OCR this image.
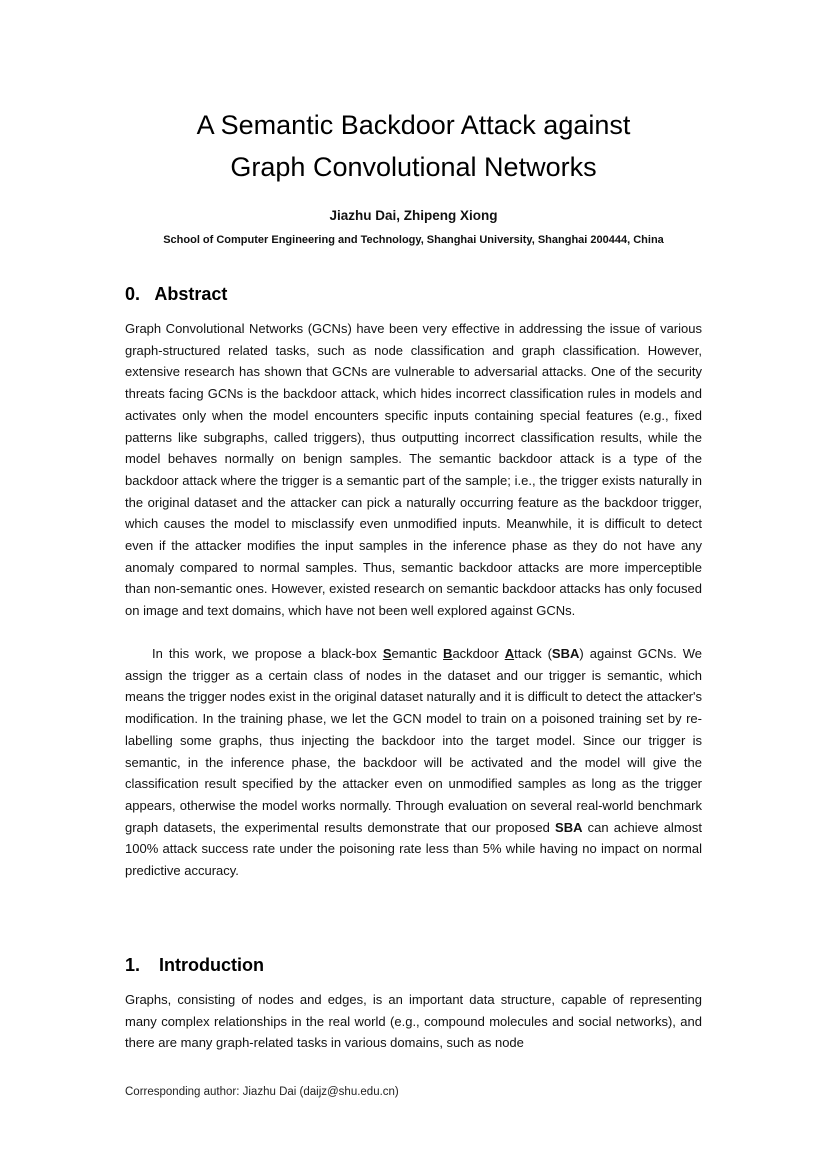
A Semantic Backdoor Attack against
Graph Convolutional Networks

Jiazhu Dai, Zhipeng Xiong

School of Computer Engineering and Technology, Shanghai University, Shanghai 200444, China

0. Abstract

Graph Convolutional Networks (GCNs) have been very effective in addressing the issue of various graph-structured related tasks, such as node classification and graph classification. However, extensive research has shown that GCNs are vulnerable to adversarial attacks. One of the security threats facing GCNs is the backdoor attack, which hides incorrect classification rules in models and activates only when the model encounters specific inputs containing special features (e.g., fixed patterns like subgraphs, called triggers), thus outputting incorrect classification results, while the model behaves normally on benign samples. The semantic backdoor attack is a type of the backdoor attack where the trigger is a semantic part of the sample; i.e., the trigger exists naturally in the original dataset and the attacker can pick a naturally occurring feature as the backdoor trigger, which causes the model to misclassify even unmodified inputs. Meanwhile, it is difficult to detect even if the attacker modifies the input samples in the inference phase as they do not have any anomaly compared to normal samples. Thus, semantic backdoor attacks are more imperceptible than non-semantic ones. However, existed research on semantic backdoor attacks has only focused on image and text domains, which have not been well explored against GCNs.

In this work, we propose a black-box Semantic Backdoor Attack (SBA) against GCNs. We assign the trigger as a certain class of nodes in the dataset and our trigger is semantic, which means the trigger nodes exist in the original dataset naturally and it is difficult to detect the attacker's modification. In the training phase, we let the GCN model to train on a poisoned training set by re-labelling some graphs, thus injecting the backdoor into the target model. Since our trigger is semantic, in the inference phase, the backdoor will be activated and the model will give the classification result specified by the attacker even on unmodified samples as long as the trigger appears, otherwise the model works normally. Through evaluation on several real-world benchmark graph datasets, the experimental results demonstrate that our proposed SBA can achieve almost 100% attack success rate under the poisoning rate less than 5% while having no impact on normal predictive accuracy.

1. Introduction

Graphs, consisting of nodes and edges, is an important data structure, capable of representing many complex relationships in the real world (e.g., compound molecules and social networks), and there are many graph-related tasks in various domains, such as node

Corresponding author: Jiazhu Dai (daijz@shu.edu.cn)
